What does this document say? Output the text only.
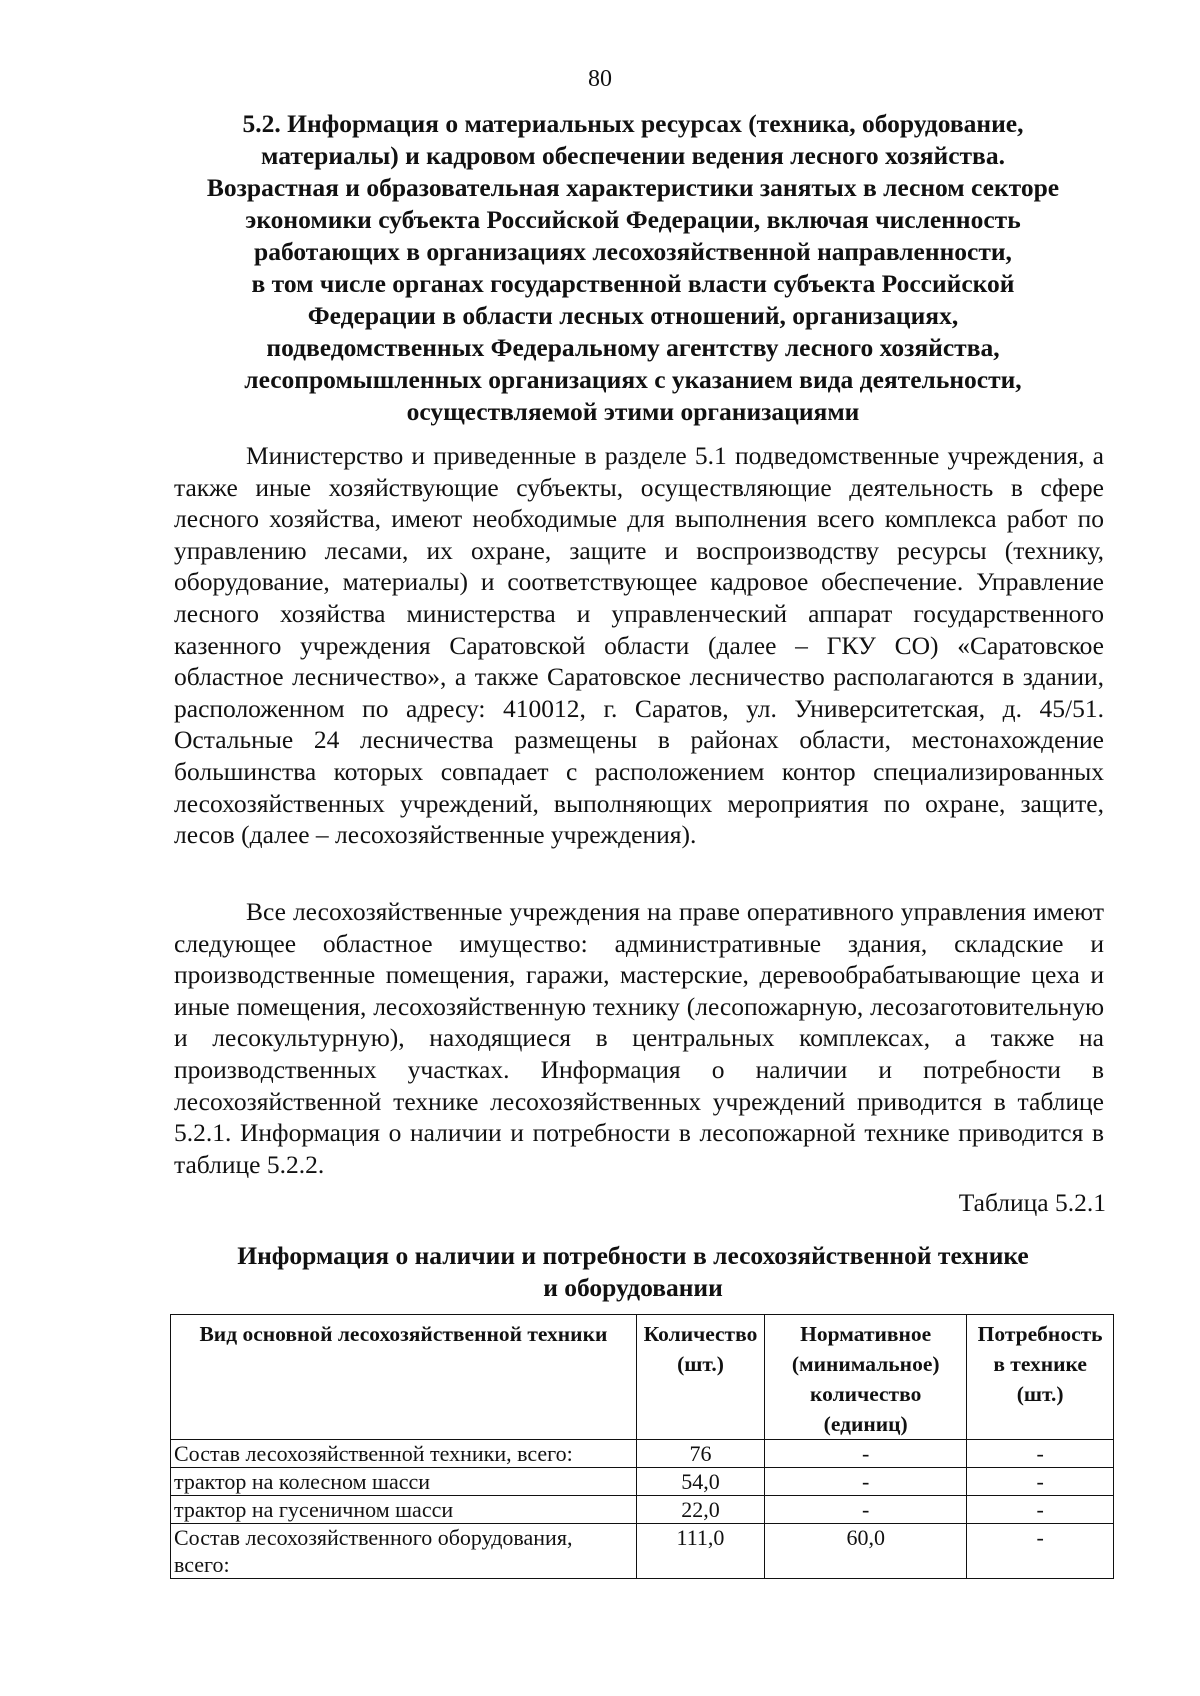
80
5.2. Информация о материальных ресурсах (техника, оборудование,
материалы) и кадровом обеспечении ведения лесного хозяйства.
Возрастная и образовательная характеристики занятых в лесном секторе
экономики субъекта Российской Федерации, включая численность
работающих в организациях лесохозяйственной направленности,
в том числе органах государственной власти субъекта Российской
Федерации в области лесных отношений, организациях,
подведомственных Федеральному агентству лесного хозяйства,
лесопромышленных организациях с указанием вида деятельности,
осуществляемой этими организациями

Министерство и приведенные в разделе 5.1 подведомственные учреждения, а также иные хозяйствующие субъекты, осуществляющие деятельность в сфере лесного хозяйства, имеют необходимые для выполнения всего комплекса работ по управлению лесами, их охране, защите и воспроизводству ресурсы (технику, оборудование, материалы) и соответствующее кадровое обеспечение. Управление лесного хозяйства министерства и управленческий аппарат государственного казенного учреждения Саратовской области (далее – ГКУ СО) «Саратовское областное лесничество», а также Саратовское лесничество располагаются в здании, расположенном по адресу: 410012, г. Саратов, ул. Университетская, д. 45/51. Остальные 24 лесничества размещены в районах области, местонахождение большинства которых совпадает с расположением контор специализированных лесохозяйственных учреждений, выполняющих мероприятия по охране, защите, лесов (далее – лесохозяйственные учреждения).

Все лесохозяйственные учреждения на праве оперативного управления имеют следующее областное имущество: административные здания, складские и производственные помещения, гаражи, мастерские, деревообрабатывающие цеха и иные помещения, лесохозяйственную технику (лесопожарную, лесозаготовительную и лесокультурную), находящиеся в центральных комплексах, а также на производственных участках. Информация о наличии и потребности в лесохозяйственной технике лесохозяйственных учреждений приводится в таблице 5.2.1. Информация о наличии и потребности в лесопожарной технике приводится в таблице 5.2.2.

Таблица 5.2.1
Информация о наличии и потребности в лесохозяйственной технике
и оборудовании
Вид основной лесохозяйственной техники	Количество (шт.)	Нормативное (минимальное) количество (единиц)	Потребность в технике (шт.)
Состав лесохозяйственной техники, всего:	76	-	-
трактор на колесном шасси	54,0	-	-
трактор на гусеничном шасси	22,0	-	-
Состав лесохозяйственного оборудования, всего:	111,0	60,0	-
